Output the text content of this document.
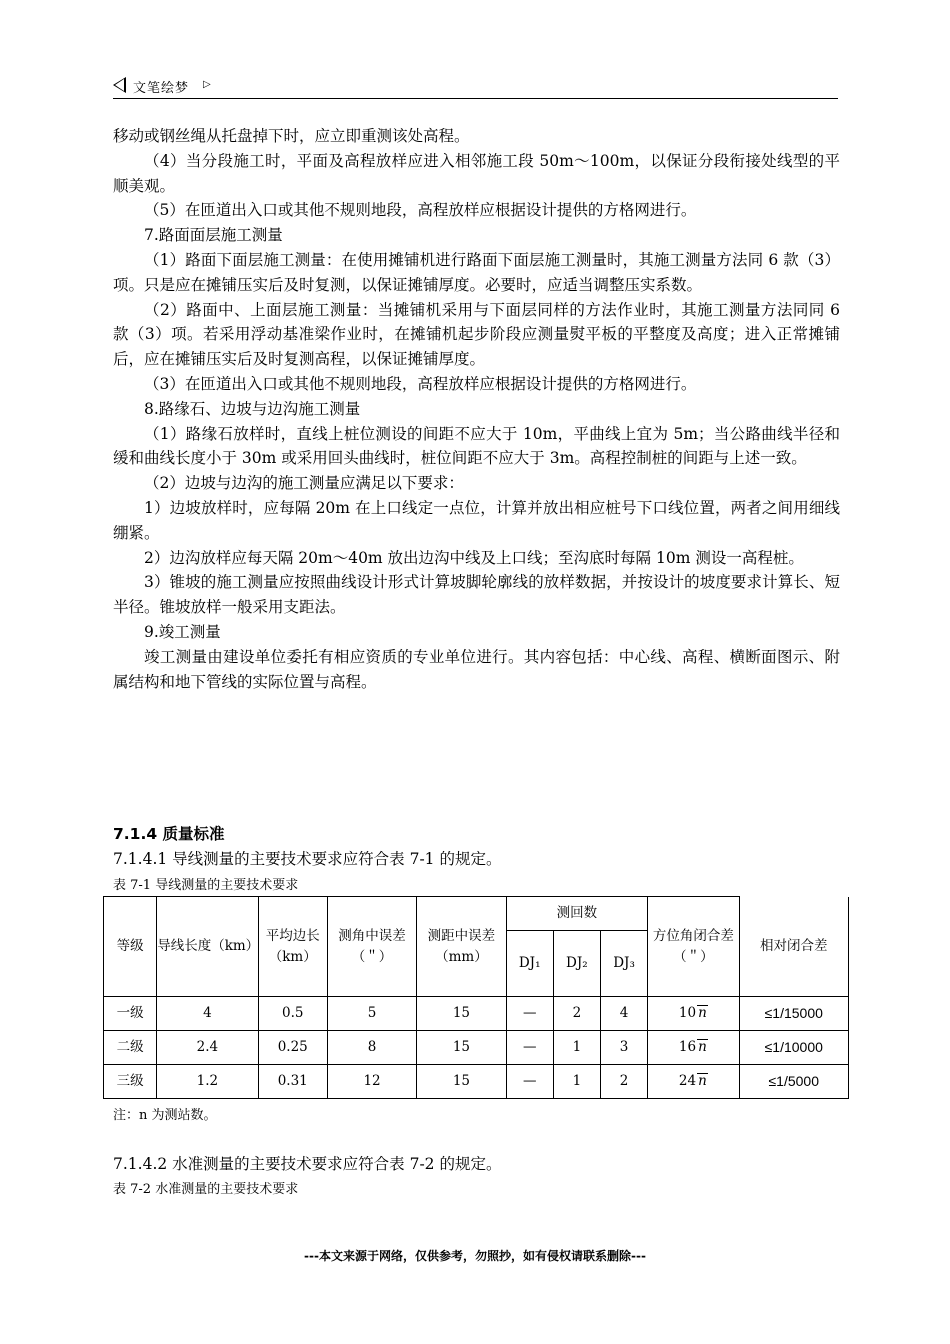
文笔绘梦 ▷

移动或钢丝绳从托盘掉下时，应立即重测该处高程。

（4）当分段施工时，平面及高程放样应进入相邻施工段 50m～100m，以保证分段衔接处线型的平顺美观。

（5）在匝道出入口或其他不规则地段，高程放样应根据设计提供的方格网进行。

7.路面面层施工测量

（1）路面下面层施工测量：在使用摊铺机进行路面下面层施工测量时，其施工测量方法同 6 款（3）项。只是应在摊铺压实后及时复测，以保证摊铺厚度。必要时，应适当调整压实系数。

（2）路面中、上面层施工测量：当摊铺机采用与下面层同样的方法作业时，其施工测量方法同同 6 款（3）项。若采用浮动基准梁作业时，在摊铺机起步阶段应测量熨平板的平整度及高度；进入正常摊铺后，应在摊铺压实后及时复测高程，以保证摊铺厚度。

（3）在匝道出入口或其他不规则地段，高程放样应根据设计提供的方格网进行。

8.路缘石、边坡与边沟施工测量

（1）路缘石放样时，直线上桩位测设的间距不应大于 10m，平曲线上宜为 5m；当公路曲线半径和缓和曲线长度小于 30m 或采用回头曲线时，桩位间距不应大于 3m。高程控制桩的间距与上述一致。

（2）边坡与边沟的施工测量应满足以下要求：

1）边坡放样时，应每隔 20m 在上口线定一点位，计算并放出相应桩号下口线位置，两者之间用细线绷紧。

2）边沟放样应每天隔 20m～40m 放出边沟中线及上口线；至沟底时每隔 10m 测设一高程桩。

3）锥坡的施工测量应按照曲线设计形式计算坡脚轮廓线的放样数据，并按设计的坡度要求计算长、短半径。锥坡放样一般采用支距法。

9.竣工测量

竣工测量由建设单位委托有相应资质的专业单位进行。其内容包括：中心线、高程、横断面图示、附属结构和地下管线的实际位置与高程。

7.1.4 质量标准
7.1.4.1 导线测量的主要技术要求应符合表 7-1 的规定。
表 7-1 导线测量的主要技术要求
等级	导线长度（km）	平均边长（km）	测角中误差（＂）	测距中误差（mm）	测回数			方位角闭合差（＂）	相对闭合差
					DJ₁	DJ₂	DJ₃		
一级	4	0.5	5	15	—	2	4	10 n	≤1/15000
二级	2.4	0.25	8	15	—	1	3	16 n	≤1/10000
三级	1.2	0.31	12	15	—	1	2	24 n	≤1/5000
注：n 为测站数。
7.1.4.2 水准测量的主要技术要求应符合表 7-2 的规定。
表 7-2 水准测量的主要技术要求
---本文来源于网络，仅供参考，勿照抄，如有侵权请联系删除---
